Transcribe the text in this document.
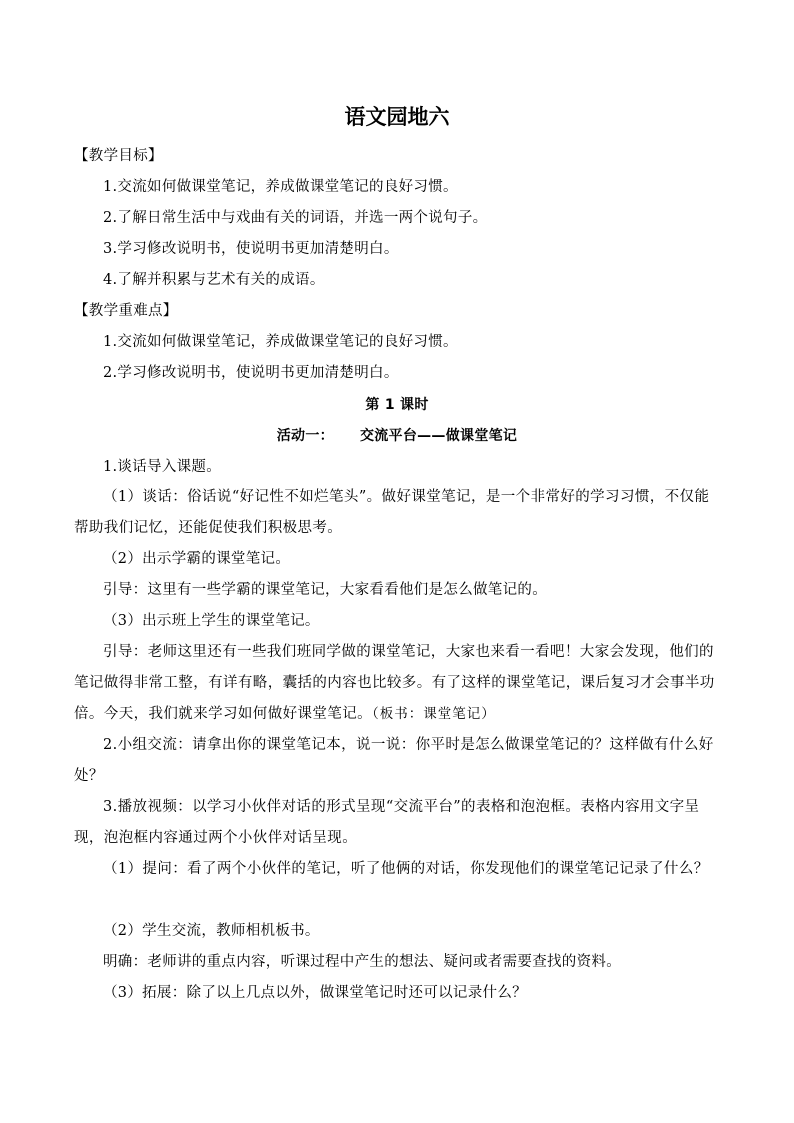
语文园地六
【教学目标】
1.交流如何做课堂笔记，养成做课堂笔记的良好习惯。
2.了解日常生活中与戏曲有关的词语，并选一两个说句子。
3.学习修改说明书，使说明书更加清楚明白。
4.了解并积累与艺术有关的成语。
【教学重难点】
1.交流如何做课堂笔记，养成做课堂笔记的良好习惯。
2.学习修改说明书，使说明书更加清楚明白。
第 1 课时
活动一： 交流平台——做课堂笔记
1.谈话导入课题。
（1）谈话：俗话说“好记性不如烂笔头”。做好课堂笔记，是一个非常好的学习习惯，不仅能帮助我们记忆，还能促使我们积极思考。
（2）出示学霸的课堂笔记。
引导：这里有一些学霸的课堂笔记，大家看看他们是怎么做笔记的。
（3）出示班上学生的课堂笔记。
引导：老师这里还有一些我们班同学做的课堂笔记，大家也来看一看吧！大家会发现，他们的笔记做得非常工整，有详有略，囊括的内容也比较多。有了这样的课堂笔记，课后复习才会事半功倍。今天，我们就来学习如何做好课堂笔记。（板书：课堂笔记）
2.小组交流：请拿出你的课堂笔记本，说一说：你平时是怎么做课堂笔记的？这样做有什么好处？
3.播放视频：以学习小伙伴对话的形式呈现“交流平台”的表格和泡泡框。表格内容用文字呈现，泡泡框内容通过两个小伙伴对话呈现。
（1）提问：看了两个小伙伴的笔记，听了他俩的对话，你发现他们的课堂笔记记录了什么？
（2）学生交流，教师相机板书。
明确：老师讲的重点内容，听课过程中产生的想法、疑问或者需要查找的资料。
（3）拓展：除了以上几点以外，做课堂笔记时还可以记录什么？
